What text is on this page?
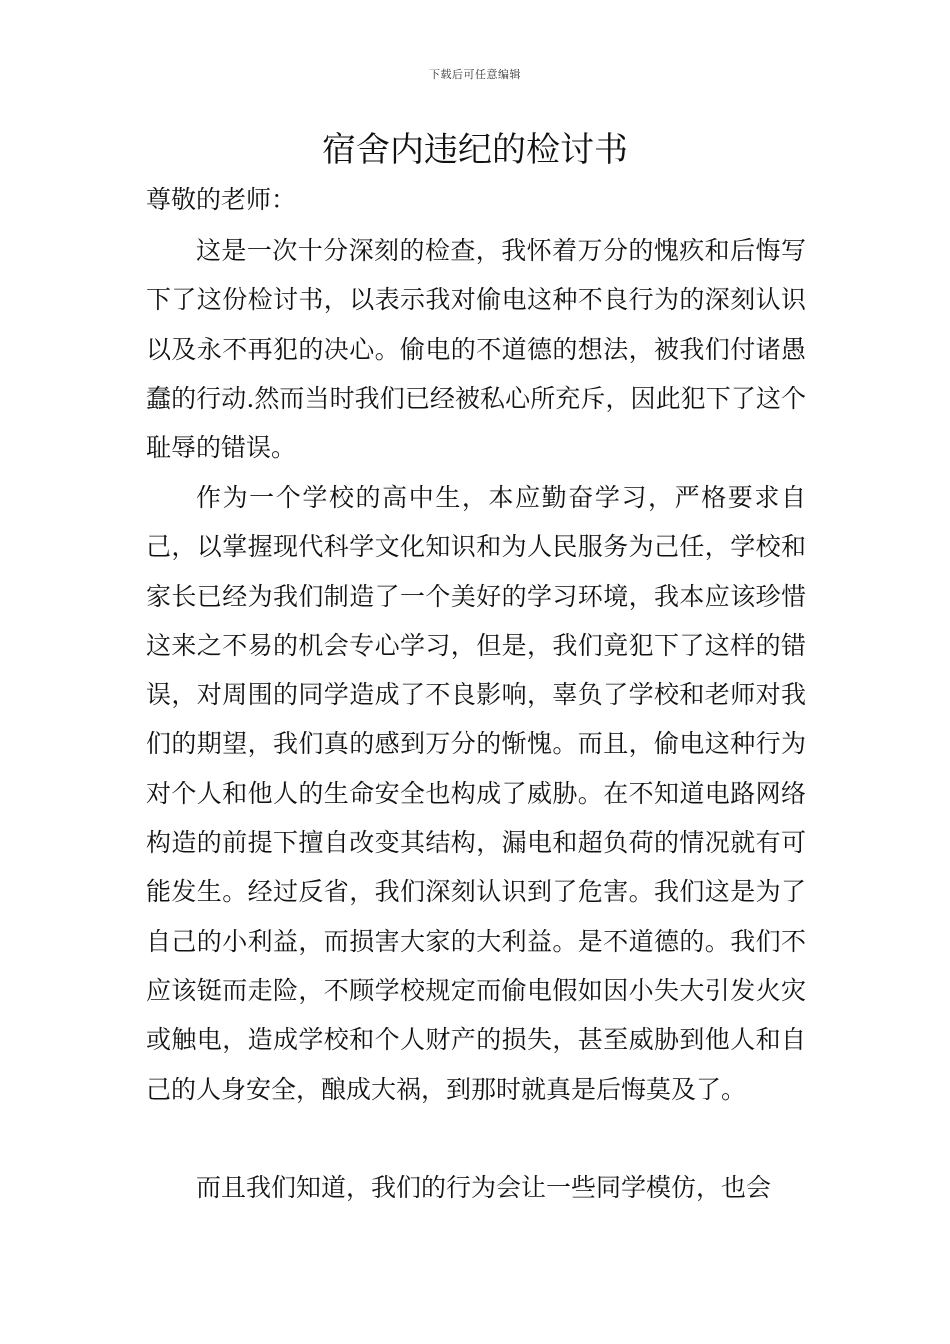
下载后可任意编辑
宿舍内违纪的检讨书
尊敬的老师：

这是一次十分深刻的检查，我怀着万分的愧疚和后悔写下了这份检讨书，以表示我对偷电这种不良行为的深刻认识以及永不再犯的决心。偷电的不道德的想法，被我们付诸愚蠢的行动.然而当时我们已经被私心所充斥，因此犯下了这个耻辱的错误。

作为一个学校的高中生，本应勤奋学习，严格要求自己，以掌握现代科学文化知识和为人民服务为己任，学校和家长已经为我们制造了一个美好的学习环境，我本应该珍惜这来之不易的机会专心学习，但是，我们竟犯下了这样的错误，对周围的同学造成了不良影响，辜负了学校和老师对我们的期望，我们真的感到万分的惭愧。而且，偷电这种行为对个人和他人的生命安全也构成了威胁。在不知道电路网络构造的前提下擅自改变其结构，漏电和超负荷的情况就有可能发生。经过反省，我们深刻认识到了危害。我们这是为了自己的小利益，而损害大家的大利益。是不道德的。我们不应该铤而走险，不顾学校规定而偷电假如因小失大引发火灾或触电，造成学校和个人财产的损失，甚至威胁到他人和自己的人身安全，酿成大祸，到那时就真是后悔莫及了。

而且我们知道，我们的行为会让一些同学模仿，也会
